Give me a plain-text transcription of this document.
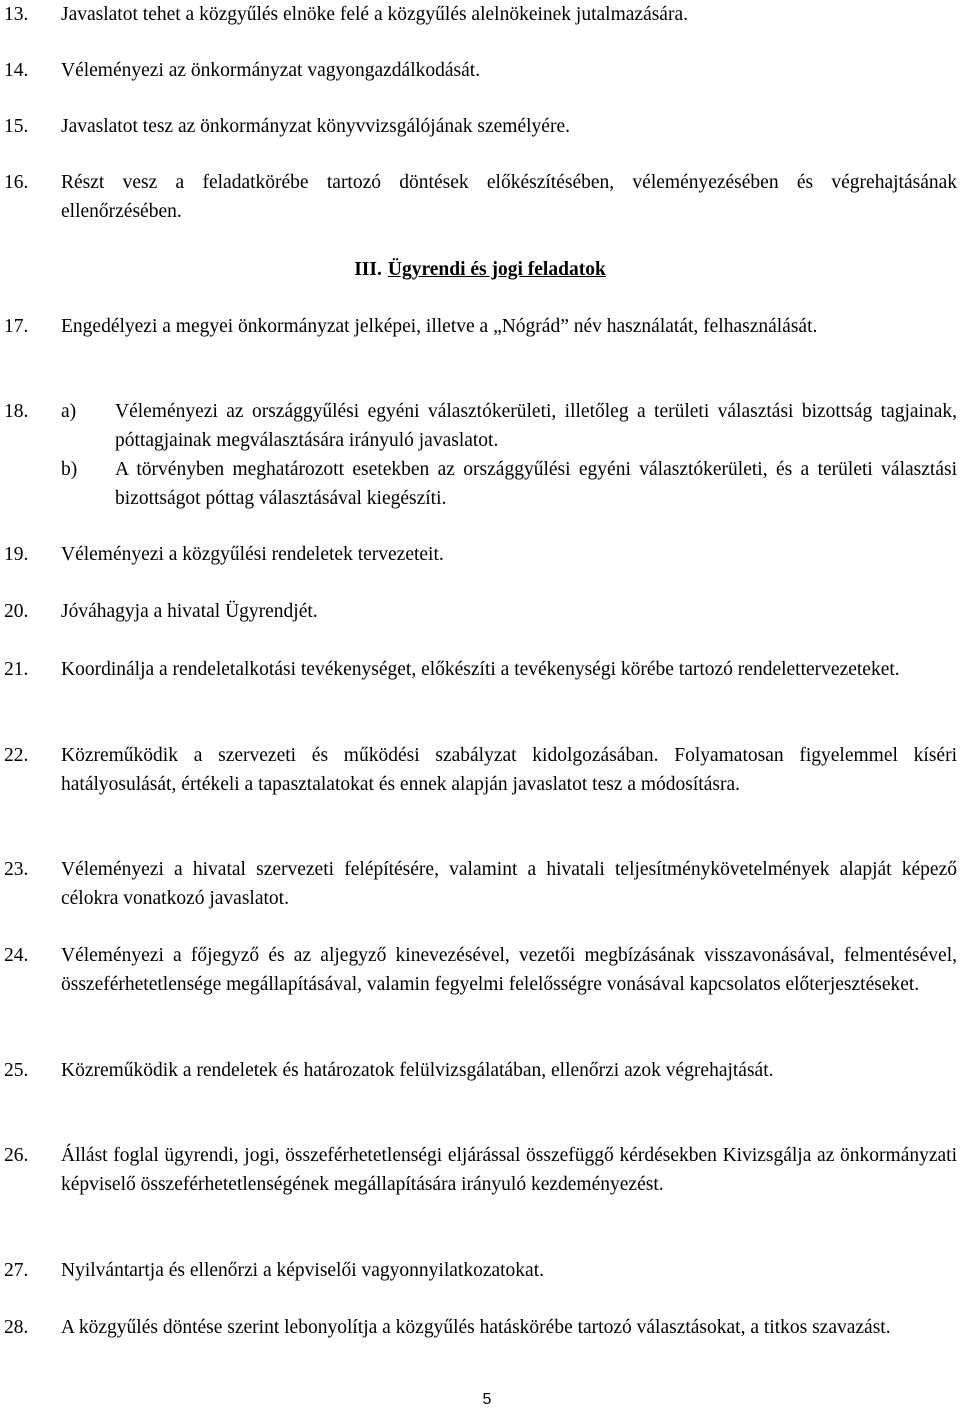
13. Javaslatot tehet a közgyűlés elnöke felé a közgyűlés alelnökeinek jutalmazására.
14. Véleményezi az önkormányzat vagyongazdálkodását.
15. Javaslatot tesz az önkormányzat könyvvizsgálójának személyére.
16. Részt vesz a feladatkörébe tartozó döntések előkészítésében, véleményezésében és végrehajtásának ellenőrzésében.
III. Ügyrendi és jogi feladatok
17. Engedélyezi a megyei önkormányzat jelképei, illetve a „Nógrád” név használatát, felhasználását.
18. a) Véleményezi az országgyűlési egyéni választókerületi, illetőleg a területi választási bizottság tagjainak, póttagjainak megválasztására irányuló javaslatot.
b) A törvényben meghatározott esetekben az országgyűlési egyéni választókerületi, és a területi választási bizottságot póttag választásával kiegészíti.
19. Véleményezi a közgyűlési rendeletek tervezeteit.
20. Jóváhagyja a hivatal Ügyrendjét.
21. Koordinálja a rendeletalkotási tevékenységet, előkészíti a tevékenységi körébe tartozó rendelettervezeteket.
22. Közreműködik a szervezeti és működési szabályzat kidolgozásában. Folyamatosan figyelemmel kíséri hatályosulását, értékeli a tapasztalatokat és ennek alapján javaslatot tesz a módosításra.
23. Véleményezi a hivatal szervezeti felépítésére, valamint a hivatali teljesítménykövetelmények alapját képező célokra vonatkozó javaslatot.
24. Véleményezi a főjegyző és az aljegyző kinevezésével, vezetői megbízásának visszavonásával, felmentésével, összeférhetetlensége megállapításával, valamin fegyelmi felelősségre vonásával kapcsolatos előterjesztéseket.
25. Közreműködik a rendeletek és határozatok felülvizsgálatában, ellenőrzi azok végrehajtását.
26. Állást foglal ügyrendi, jogi, összeférhetetlenségi eljárással összefüggő kérdésekben Kivizsgálja az önkormányzati képviselő összeférhetetlenségének megállapítására irányuló kezdeményezést.
27. Nyilvántartja és ellenőrzi a képviselői vagyonnyilatkozatokat.
28. A közgyűlés döntése szerint lebonyolítja a közgyűlés hatáskörébe tartozó választásokat, a titkos szavazást.
5
